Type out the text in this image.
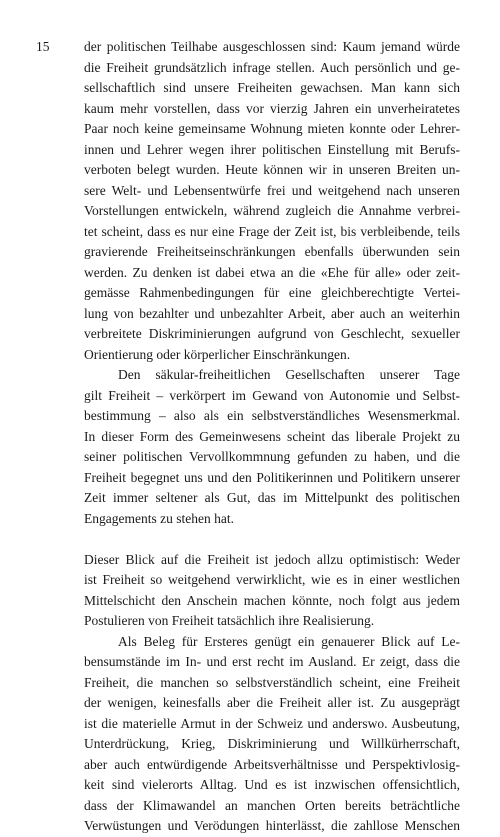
15	der politischen Teilhabe ausgeschlossen sind: Kaum jemand würde
die Freiheit grundsätzlich infrage stellen. Auch persönlich und ge-
sellschaftlich sind unsere Freiheiten gewachsen. Man kann sich
kaum mehr vorstellen, dass vor vierzig Jahren ein unverheiratetes
Paar noch keine gemeinsame Wohnung mieten konnte oder Lehrer-
innen und Lehrer wegen ihrer politischen Einstellung mit Berufs-
verboten belegt wurden. Heute können wir in unseren Breiten un-
sere Welt- und Lebensentwürfe frei und weitgehend nach unseren
Vorstellungen entwickeln, während zugleich die Annahme verbrei-
tet scheint, dass es nur eine Frage der Zeit ist, bis verbleibende, teils
gravierende Freiheitseinschränkungen ebenfalls überwunden sein
werden. Zu denken ist dabei etwa an die «Ehe für alle» oder zeit-
gemässe Rahmenbedingungen für eine gleichberechtigte Vertei-
lung von bezahlter und unbezahlter Arbeit, aber auch an weiterhin
verbreitete Diskriminierungen aufgrund von Geschlecht, sexueller
Orientierung oder körperlicher Einschränkungen.
Den säkular-freiheitlichen Gesellschaften unserer Tage
gilt Freiheit – verkörpert im Gewand von Autonomie und Selbst-
bestimmung – also als ein selbstverständliches Wesensmerkmal.
In dieser Form des Gemeinwesens scheint das liberale Projekt zu
seiner politischen Vervollkommnung gefunden zu haben, und die
Freiheit begegnet uns und den Politikerinnen und Politikern unserer
Zeit immer seltener als Gut, das im Mittelpunkt des politischen
Engagements zu stehen hat.
Dieser Blick auf die Freiheit ist jedoch allzu optimistisch: Weder
ist Freiheit so weitgehend verwirklicht, wie es in einer westlichen
Mittelschicht den Anschein machen könnte, noch folgt aus jedem
Postulieren von Freiheit tatsächlich ihre Realisierung.
Als Beleg für Ersteres genügt ein genauerer Blick auf Le-
bensumstände im In- und erst recht im Ausland. Er zeigt, dass die
Freiheit, die manchen so selbstverständlich scheint, eine Freiheit
der wenigen, keinesfalls aber die Freiheit aller ist. Zu ausgeprägt
ist die materielle Armut in der Schweiz und anderswo. Ausbeutung,
Unterdrückung, Krieg, Diskriminierung und Willkürherrschaft,
aber auch entwürdigende Arbeitsverhältnisse und Perspektivlosig-
keit sind vielerorts Alltag. Und es ist inzwischen offensichtlich,
dass der Klimawandel an manchen Orten bereits beträchtliche
Verwüstungen und Verödungen hinterlässt, die zahllose Menschen
